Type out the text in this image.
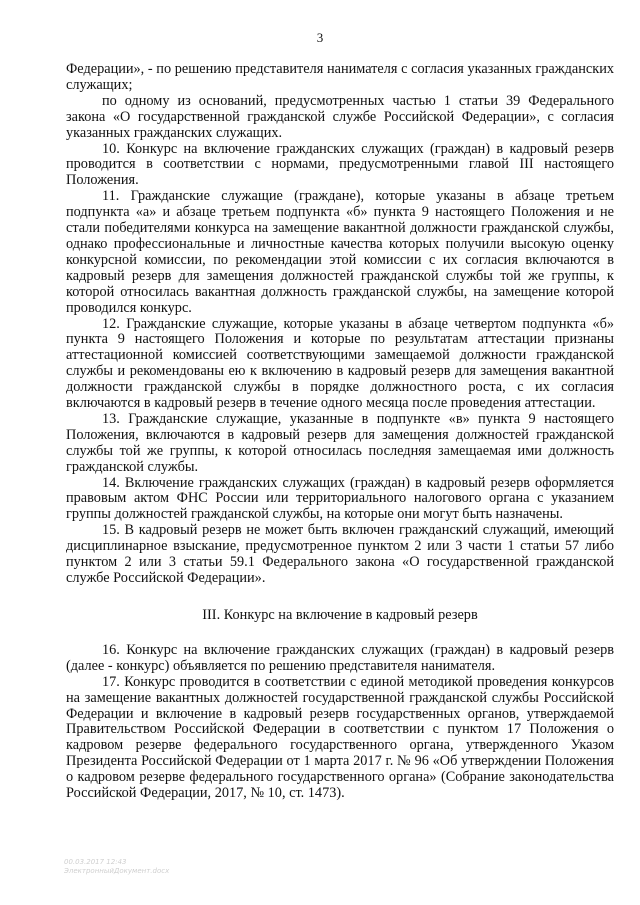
3

Федерации», - по решению представителя нанимателя с согласия указанных гражданских служащих;

по одному из оснований, предусмотренных частью 1 статьи 39 Федерального закона «О государственной гражданской службе Российской Федерации», с согласия указанных гражданских служащих.

10. Конкурс на включение гражданских служащих (граждан) в кадровый резерв проводится в соответствии с нормами, предусмотренными главой III настоящего Положения.

11. Гражданские служащие (граждане), которые указаны в абзаце третьем подпункта «а» и абзаце третьем подпункта «б» пункта 9 настоящего Положения и не стали победителями конкурса на замещение вакантной должности гражданской службы, однако профессиональные и личностные качества которых получили высокую оценку конкурсной комиссии, по рекомендации этой комиссии с их согласия включаются в кадровый резерв для замещения должностей гражданской службы той же группы, к которой относилась вакантная должность гражданской службы, на замещение которой проводился конкурс.

12. Гражданские служащие, которые указаны в абзаце четвертом подпункта «б» пункта 9 настоящего Положения и которые по результатам аттестации признаны аттестационной комиссией соответствующими замещаемой должности гражданской службы и рекомендованы ею к включению в кадровый резерв для замещения вакантной должности гражданской службы в порядке должностного роста, с их согласия включаются в кадровый резерв в течение одного месяца после проведения аттестации.

13. Гражданские служащие, указанные в подпункте «в» пункта 9 настоящего Положения, включаются в кадровый резерв для замещения должностей гражданской службы той же группы, к которой относилась последняя замещаемая ими должность гражданской службы.

14. Включение гражданских служащих (граждан) в кадровый резерв оформляется правовым актом ФНС России или территориального налогового органа с указанием группы должностей гражданской службы, на которые они могут быть назначены.

15. В кадровый резерв не может быть включен гражданский служащий, имеющий дисциплинарное взыскание, предусмотренное пунктом 2 или 3 части 1 статьи 57 либо пунктом 2 или 3 статьи 59.1 Федерального закона «О государственной гражданской службе Российской Федерации».

III. Конкурс на включение в кадровый резерв

16. Конкурс на включение гражданских служащих (граждан) в кадровый резерв (далее - конкурс) объявляется по решению представителя нанимателя.

17. Конкурс проводится в соответствии с единой методикой проведения конкурсов на замещение вакантных должностей государственной гражданской службы Российской Федерации и включение в кадровый резерв государственных органов, утверждаемой Правительством Российской Федерации в соответствии с пунктом 17 Положения о кадровом резерве федерального государственного органа, утвержденного Указом Президента Российской Федерации от 1 марта 2017 г. № 96 «Об утверждении Положения о кадровом резерве федерального государственного органа» (Собрание законодательства Российской Федерации, 2017, № 10, ст. 1473).

00.03.2017 12:43
ЭлектронныйДокумент.docx
